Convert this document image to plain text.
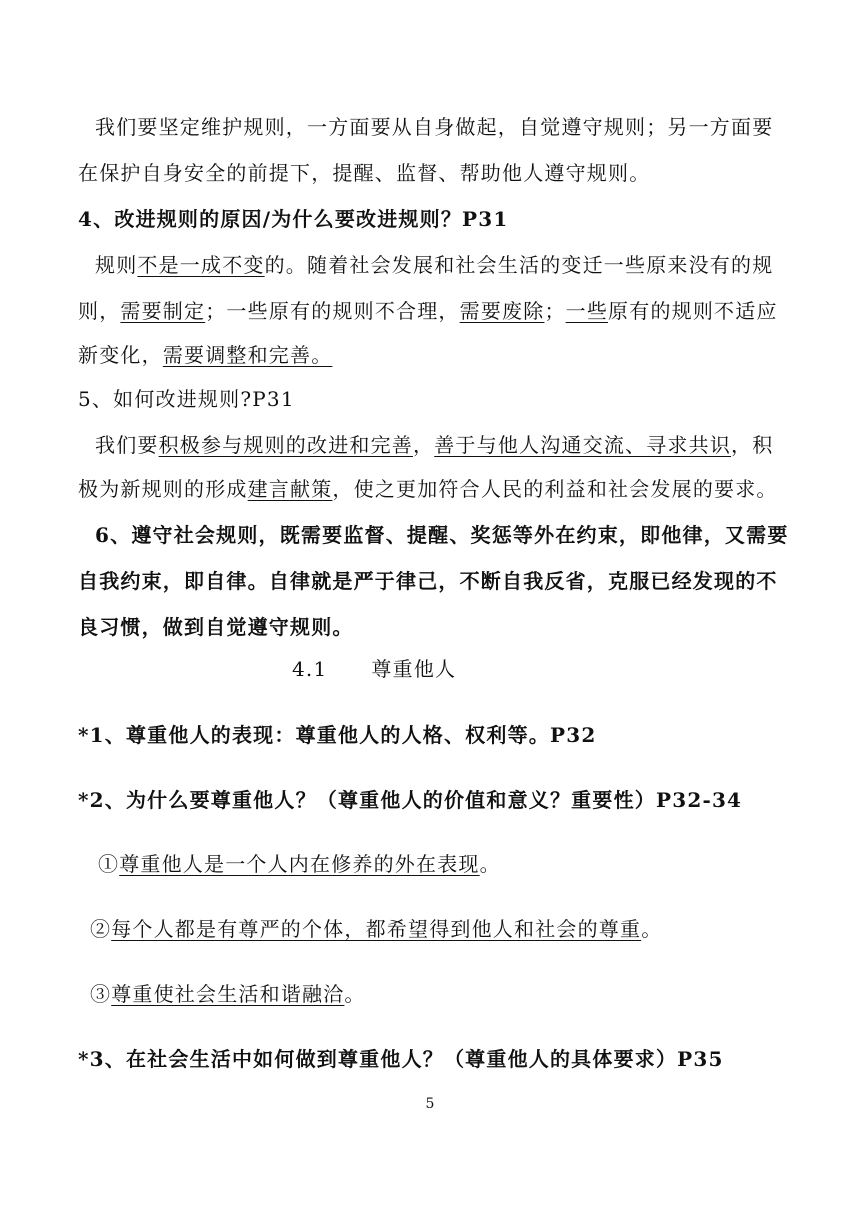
我们要坚定维护规则，一方面要从自身做起，自觉遵守规则；另一方面要
在保护自身安全的前提下，提醒、监督、帮助他人遵守规则。
4、改进规则的原因/为什么要改进规则？P31
规则不是一成不变的。随着社会发展和社会生活的变迁一些原来没有的规
则，需要制定；一些原有的规则不合理，需要废除；一些原有的规则不适应
新变化，需要调整和完善。
5、如何改进规则?P31
我们要积极参与规则的改进和完善，善于与他人沟通交流、寻求共识，积
极为新规则的形成建言献策，使之更加符合人民的利益和社会发展的要求。
6、遵守社会规则，既需要监督、提醒、奖惩等外在约束，即他律，又需要
自我约束，即自律。自律就是严于律己，不断自我反省，克服已经发现的不
良习惯，做到自觉遵守规则。
4.1 尊重他人
*1、尊重他人的表现：尊重他人的人格、权利等。P32
*2、为什么要尊重他人？（尊重他人的价值和意义？重要性）P32-34
①尊重他人是一个人内在修养的外在表现。
②每个人都是有尊严的个体，都希望得到他人和社会的尊重。
③尊重使社会生活和谐融洽。
*3、在社会生活中如何做到尊重他人？（尊重他人的具体要求）P35
5
